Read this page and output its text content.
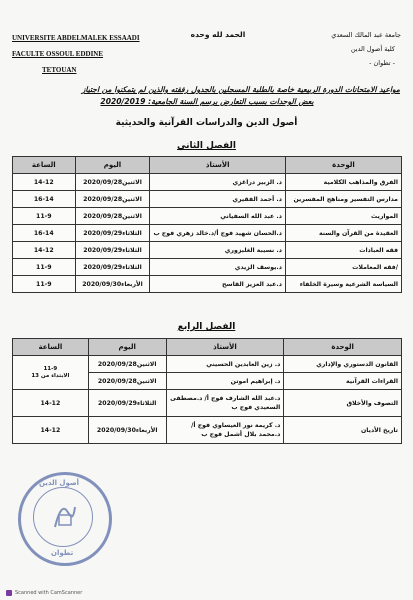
UNIVERSITE ABDELMALEK ESSAADI
FACULTE OSSOUL EDDINE
TETOUAN
الحمد لله وحده	جامعة عبد المالك السعدي
كلية أصول الدين
- تطوان -
مواعيد الامتحانات الدورة الربيعية خاصة بالطلبة المسجلين بالجدول رفقته والذين لم يتمكنوا من اجتياز
بعض الوحدات بسبب التعارض برسم السنة الجامعية: 2020/2019
أصول الدين والدراسات القرآنية والحديثية
الفصل الثاني
الوحدة	الأستاذ	اليوم	الساعة
الفرق والمذاهب الكلامية	د. الزبير دراغزي	الاثنين2020/09/28	14-12
مدارس التفسير ومناهج المفسرين	د. أحمد الفقيري	الاثنين2020/09/28	16-14
المواريث	د. عبد الله السفياني	الاثنين2020/09/28	11-9
العقيدة من القرآن والسنة	د.الحسان شهيد فوج أ/د.خالد زهري فوج ب	الثلاثاء2020/09/29	16-14
فقه العبادات	د. نسيبة الغلبزوري	الثلاثاء2020/09/29	14-12
/فقه المعاملات	د.يوسف الزيدي	الثلاثاء2020/09/29	11-9
السياسة الشرعية وسيرة الخلفاء	د.عبد العزيز القاسح	الأربعاء2020/09/30	11-9
الفصل الرابع
الوحدة	الأستاذ	اليوم	الساعة
القانون الدستوري والإداري	د. زين العابدين الحسيني	الاثنين2020/09/28	11-9
الابتداء من 13

القراءات القرآنية	د. إبراهيم اموتن	الاثنين2020/09/28	
التصوف والأخلاق	د.عبد الله الشارف فوج أ/ د.مصطفى السعيدي فوج ب	الثلاثاء2020/09/29	14-12
تاريخ الأديان	د. كريمة نور العيساوي فوج أ/ د.محمد بلال أشمل فوج ب	الأربعاء2020/09/30	14-12
أصول الدين
تطوان
Scanned with CamScanner
